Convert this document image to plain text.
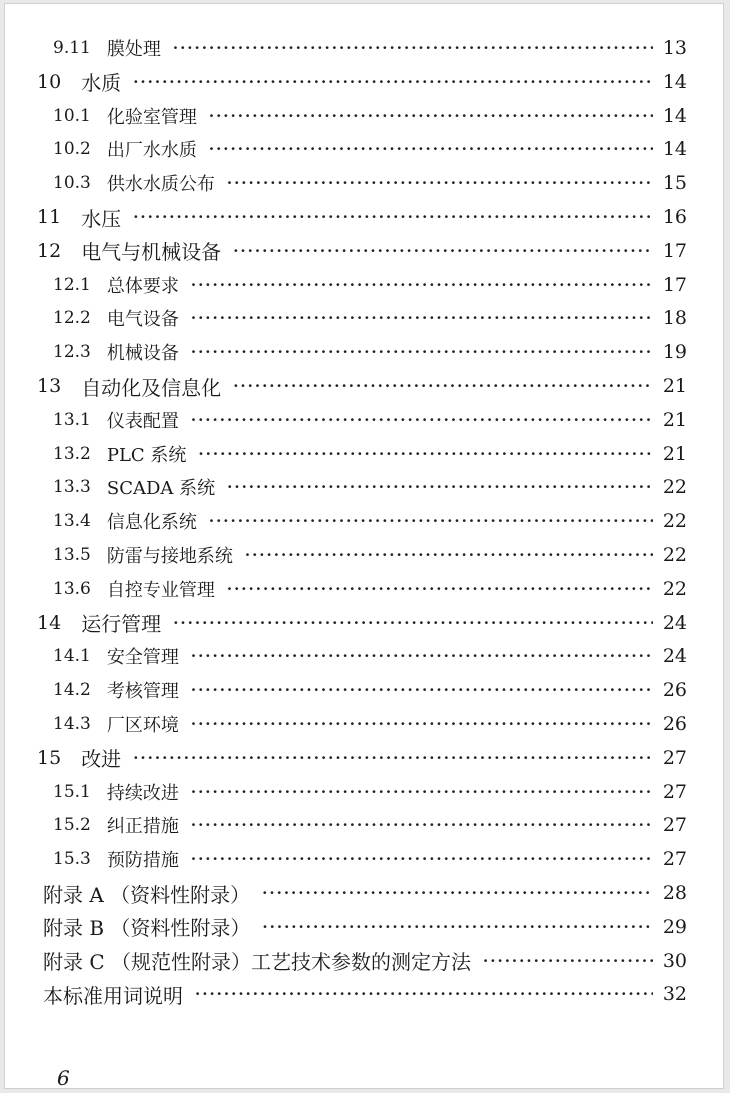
9.11 膜处理 ·····	13
10 水质 ·····	14
10.1 化验室管理 ·····	14
10.2 出厂水水质 ·····	14
10.3 供水水质公布 ·····	15
11 水压 ·····	16
12 电气与机械设备 ·····	17
12.1 总体要求 ·····	17
12.2 电气设备 ·····	18
12.3 机械设备 ·····	19
13 自动化及信息化 ·····	21
13.1 仪表配置 ·····	21
13.2 PLC 系统 ·····	21
13.3 SCADA 系统 ·····	22
13.4 信息化系统 ·····	22
13.5 防雷与接地系统 ·····	22
13.6 自控专业管理 ·····	22
14 运行管理 ·····	24
14.1 安全管理 ·····	24
14.2 考核管理 ·····	26
14.3 厂区环境 ·····	26
15 改进 ·····	27
15.1 持续改进 ·····	27
15.2 纠正措施 ·····	27
15.3 预防措施 ·····	27
附录 A （资料性附录） ·····	28
附录 B （资料性附录） ·····	29
附录 C （规范性附录）工艺技术参数的测定方法 ·····	30
本标准用词说明 ·····	32
6
